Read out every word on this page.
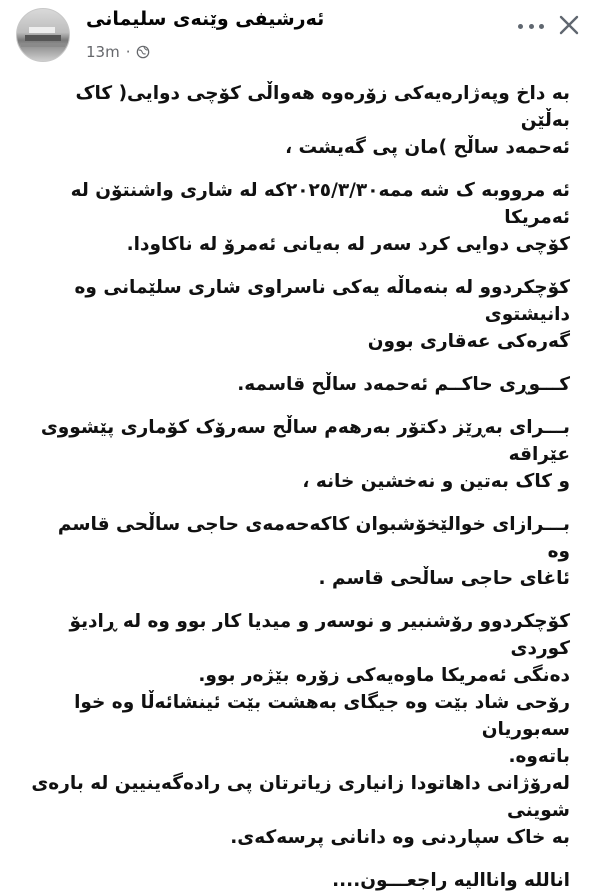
ئەرشیفی وێنەی سلیمانی
13m ·

بە داخ وپەژارەیەکی زۆرەوە هەواڵی کۆچی دوایی( کاک بەڵێن
ئەحمەد ساڵح )مان پی گەیشت ،

ئە مرووبە ک شە ممە٢٠٢٥/٣/٣٠کە لە شاری واشنتۆن لە ئەمریکا
کۆچی دوایی کرد سەر لە بەیانی ئەمرۆ لە ناکاودا.

کۆچکردوو لە بنەماڵە یەکی ناسراوی شاری سلێمانی وە دانیشتوی
گەرەکی عەقاری بوون

کـــوڕی حاکــم ئەحمەد ساڵح قاسمە.

بـــرای بەڕێز دکتۆر بەرهەم ساڵح سەرۆک کۆماری پێشووی عێراقە
و کاک بەتین و نەخشین خانە ،

بـــرازای خوالێخۆشبوان کاکەحەمەی حاجی ساڵحی قاسم وە
ئاغای حاجی ساڵحی قاسم .

کۆچکردوو رۆشنبیر و نوسەر و میدیا کار بوو وە لە ڕادیۆ کوردی
دەنگی ئەمریکا ماوەیەکی زۆرە بێژەر بوو.
رۆحی شاد بێت وە جیگای بەهشت بێت ئینشائەڵا وە خوا سەبوریان
باتەوە.
لەرۆژانی داهاتودا زانیاری زیاترتان پی رادەگەینیین لە بارەی شوینی
بە خاک سپاردنی وە دانانی پرسەکەی.

انالله واناالیه راجعـــون....
